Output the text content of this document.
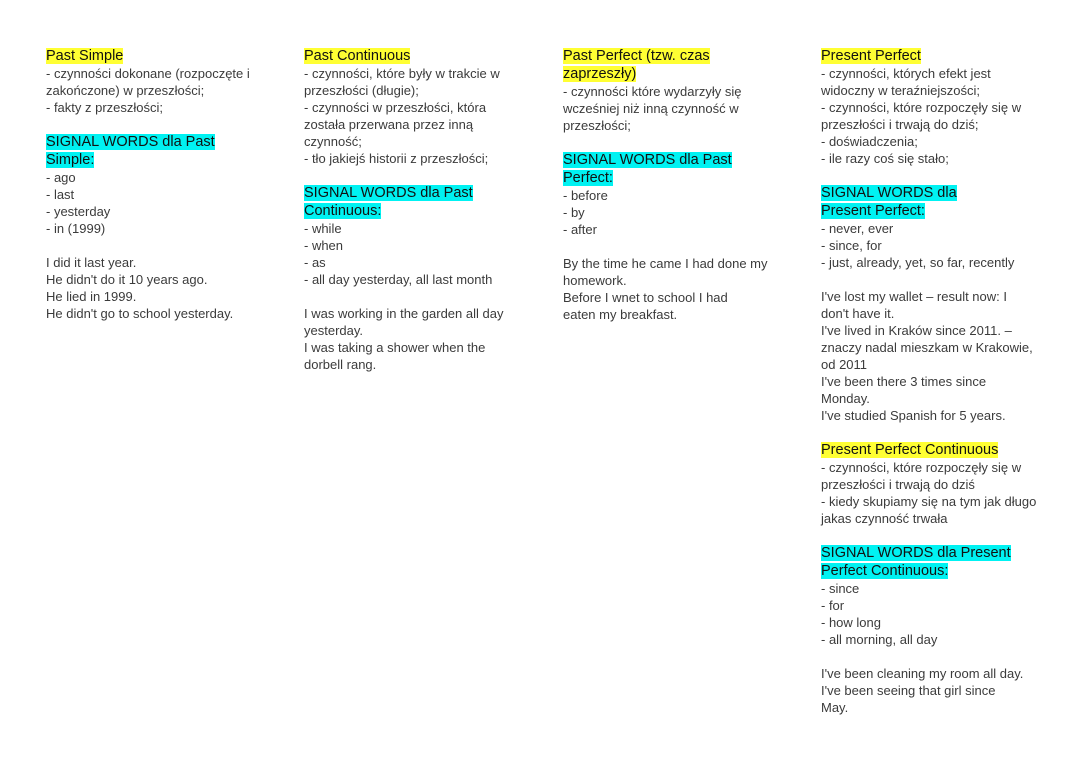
Past Simple

- czynności dokonane (rozpoczęte i zakończone) w przeszłości;
- fakty z przeszłości;

SIGNAL WORDS dla Past Simple:

- ago
- last
- yesterday
- in (1999)
I did it last year.
He didn't do it 10 years ago.
He lied in 1999.
He didn't go to school yesterday.

Past Continuous

- czynności, które były w trakcie w przeszłości (długie);
- czynności w przeszłości, która została przerwana przez inną czynność;
- tło jakiejś historii z przeszłości;

SIGNAL WORDS dla Past Continuous:

- while
- when
- as
- all day yesterday, all last month
I was working in the garden all day yesterday.
I was taking a shower when the dorbell rang.

Past Perfect (tzw. czas zaprzeszły)

- czynności które wydarzyły się wcześniej niż inną czynność w przeszłości;

SIGNAL WORDS dla Past Perfect:

- before
- by
- after
By the time he came I had done my homework.
Before I wnet to school I had eaten my breakfast.

Present Perfect

- czynności, których efekt jest widoczny w teraźniejszości;
- czynności, które rozpoczęły się w przeszłości i trwają do dziś;
- doświadczenia;
- ile razy coś się stało;

SIGNAL WORDS dla Present Perfect:

- never, ever
- since, for
- just, already, yet, so far, recently
I've lost my wallet – result now: I don't have it.
I've lived in Kraków since 2011. – znaczy nadal mieszkam w Krakowie, od 2011
I've been there 3 times since Monday.
I've studied Spanish for 5 years.

Present Perfect Continuous

- czynności, które rozpoczęły się w przeszłości i trwają do dziś
- kiedy skupiamy się na tym jak długo jakas czynność trwała

SIGNAL WORDS dla Present Perfect Continuous:

- since
- for
- how long
- all morning, all day
I've been cleaning my room all day.
I've been seeing that girl since May.
